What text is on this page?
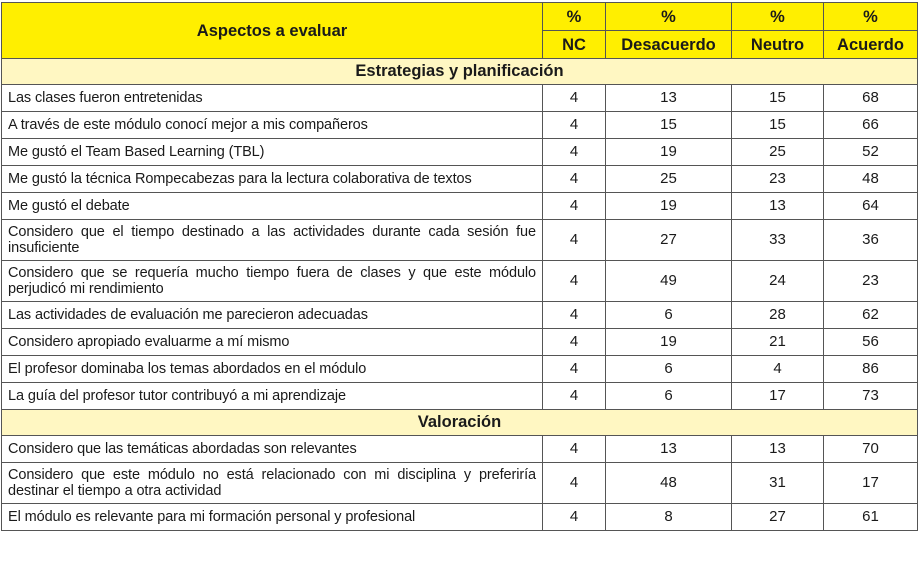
Aspectos a evaluar	%	%	%	%
	NC	Desacuerdo	Neutro	Acuerdo
Estrategias y planificación				
Las clases fueron entretenidas	4	13	15	68
A través de este módulo conocí mejor a mis compañeros	4	15	15	66
Me gustó el Team Based Learning (TBL)	4	19	25	52
Me gustó la técnica Rompecabezas para la lectura colaborativa de textos	4	25	23	48
Me gustó el debate	4	19	13	64
Considero que el tiempo destinado a las actividades durante cada sesión fue insuficiente	4	27	33	36
Considero que se requería mucho tiempo fuera de clases y que este módulo perjudicó mi rendimiento	4	49	24	23
Las actividades de evaluación me parecieron adecuadas	4	6	28	62
Considero apropiado evaluarme a mí mismo	4	19	21	56
El profesor dominaba los temas abordados en el módulo	4	6	4	86
La guía del profesor tutor contribuyó a mi aprendizaje	4	6	17	73
Valoración				
Considero que las temáticas abordadas son relevantes	4	13	13	70
Considero que este módulo no está relacionado con mi disciplina y preferiría destinar el tiempo a otra actividad	4	48	31	17
El módulo es relevante para mi formación personal y profesional	4	8	27	61
